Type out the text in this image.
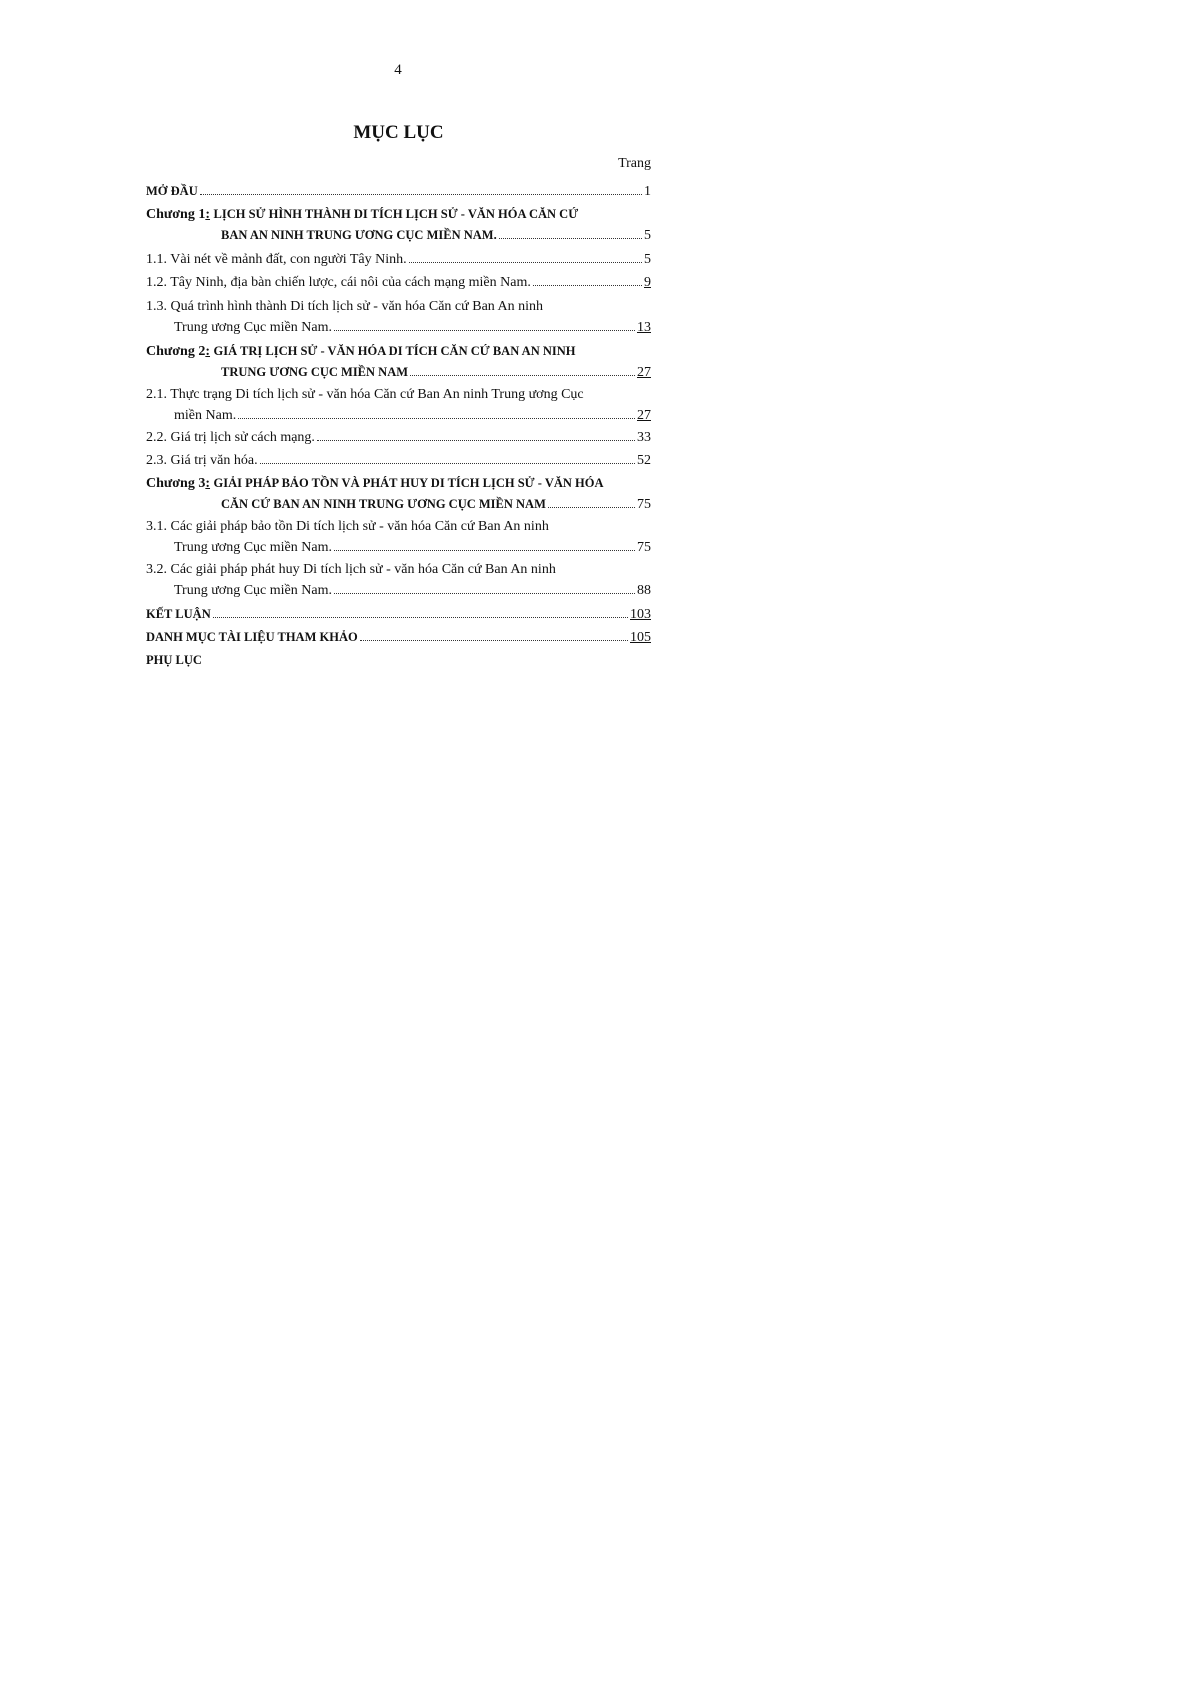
4
MỤC LỤC
Trang
MỞ ĐẦU	1
Chương 1 :
LỊCH SỬ HÌNH THÀNH DI TÍCH LỊCH SỬ - VĂN HÓA CĂN CỨ
BAN AN NINH TRUNG ƯƠNG CỤC MIỀN NAM.	5
1.1. Vài nét về mảnh đất, con người Tây Ninh.	5
1.2. Tây Ninh, địa bàn chiến lược, cái nôi của cách mạng miền Nam.	9
1.3. Quá trình hình thành Di tích lịch sử - văn hóa Căn cứ Ban An ninh
Trung ương Cục miền Nam.	13
Chương 2 :
GIÁ TRỊ LỊCH SỬ - VĂN HÓA DI TÍCH CĂN CỨ BAN AN NINH
TRUNG ƯƠNG CỤC MIỀN NAM	27
2.1. Thực trạng Di tích lịch sử - văn hóa Căn cứ Ban An ninh Trung ương Cục
miền Nam.	27
2.2. Giá trị lịch sử cách mạng.	33
2.3. Giá trị văn hóa.	52
Chương 3 :
GIẢI PHÁP BẢO TỒN VÀ PHÁT HUY DI TÍCH LỊCH SỬ - VĂN HÓA
CĂN CỨ BAN AN NINH TRUNG ƯƠNG CỤC MIỀN NAM	75
3.1. Các giải pháp bảo tồn Di tích lịch sử - văn hóa Căn cứ Ban An ninh
Trung ương Cục miền Nam.	75
3.2. Các giải pháp phát huy Di tích lịch sử - văn hóa Căn cứ Ban An ninh
Trung ương Cục miền Nam.	88
KẾT LUẬN	103
DANH MỤC TÀI LIỆU THAM KHẢO	105
PHỤ LỤC
